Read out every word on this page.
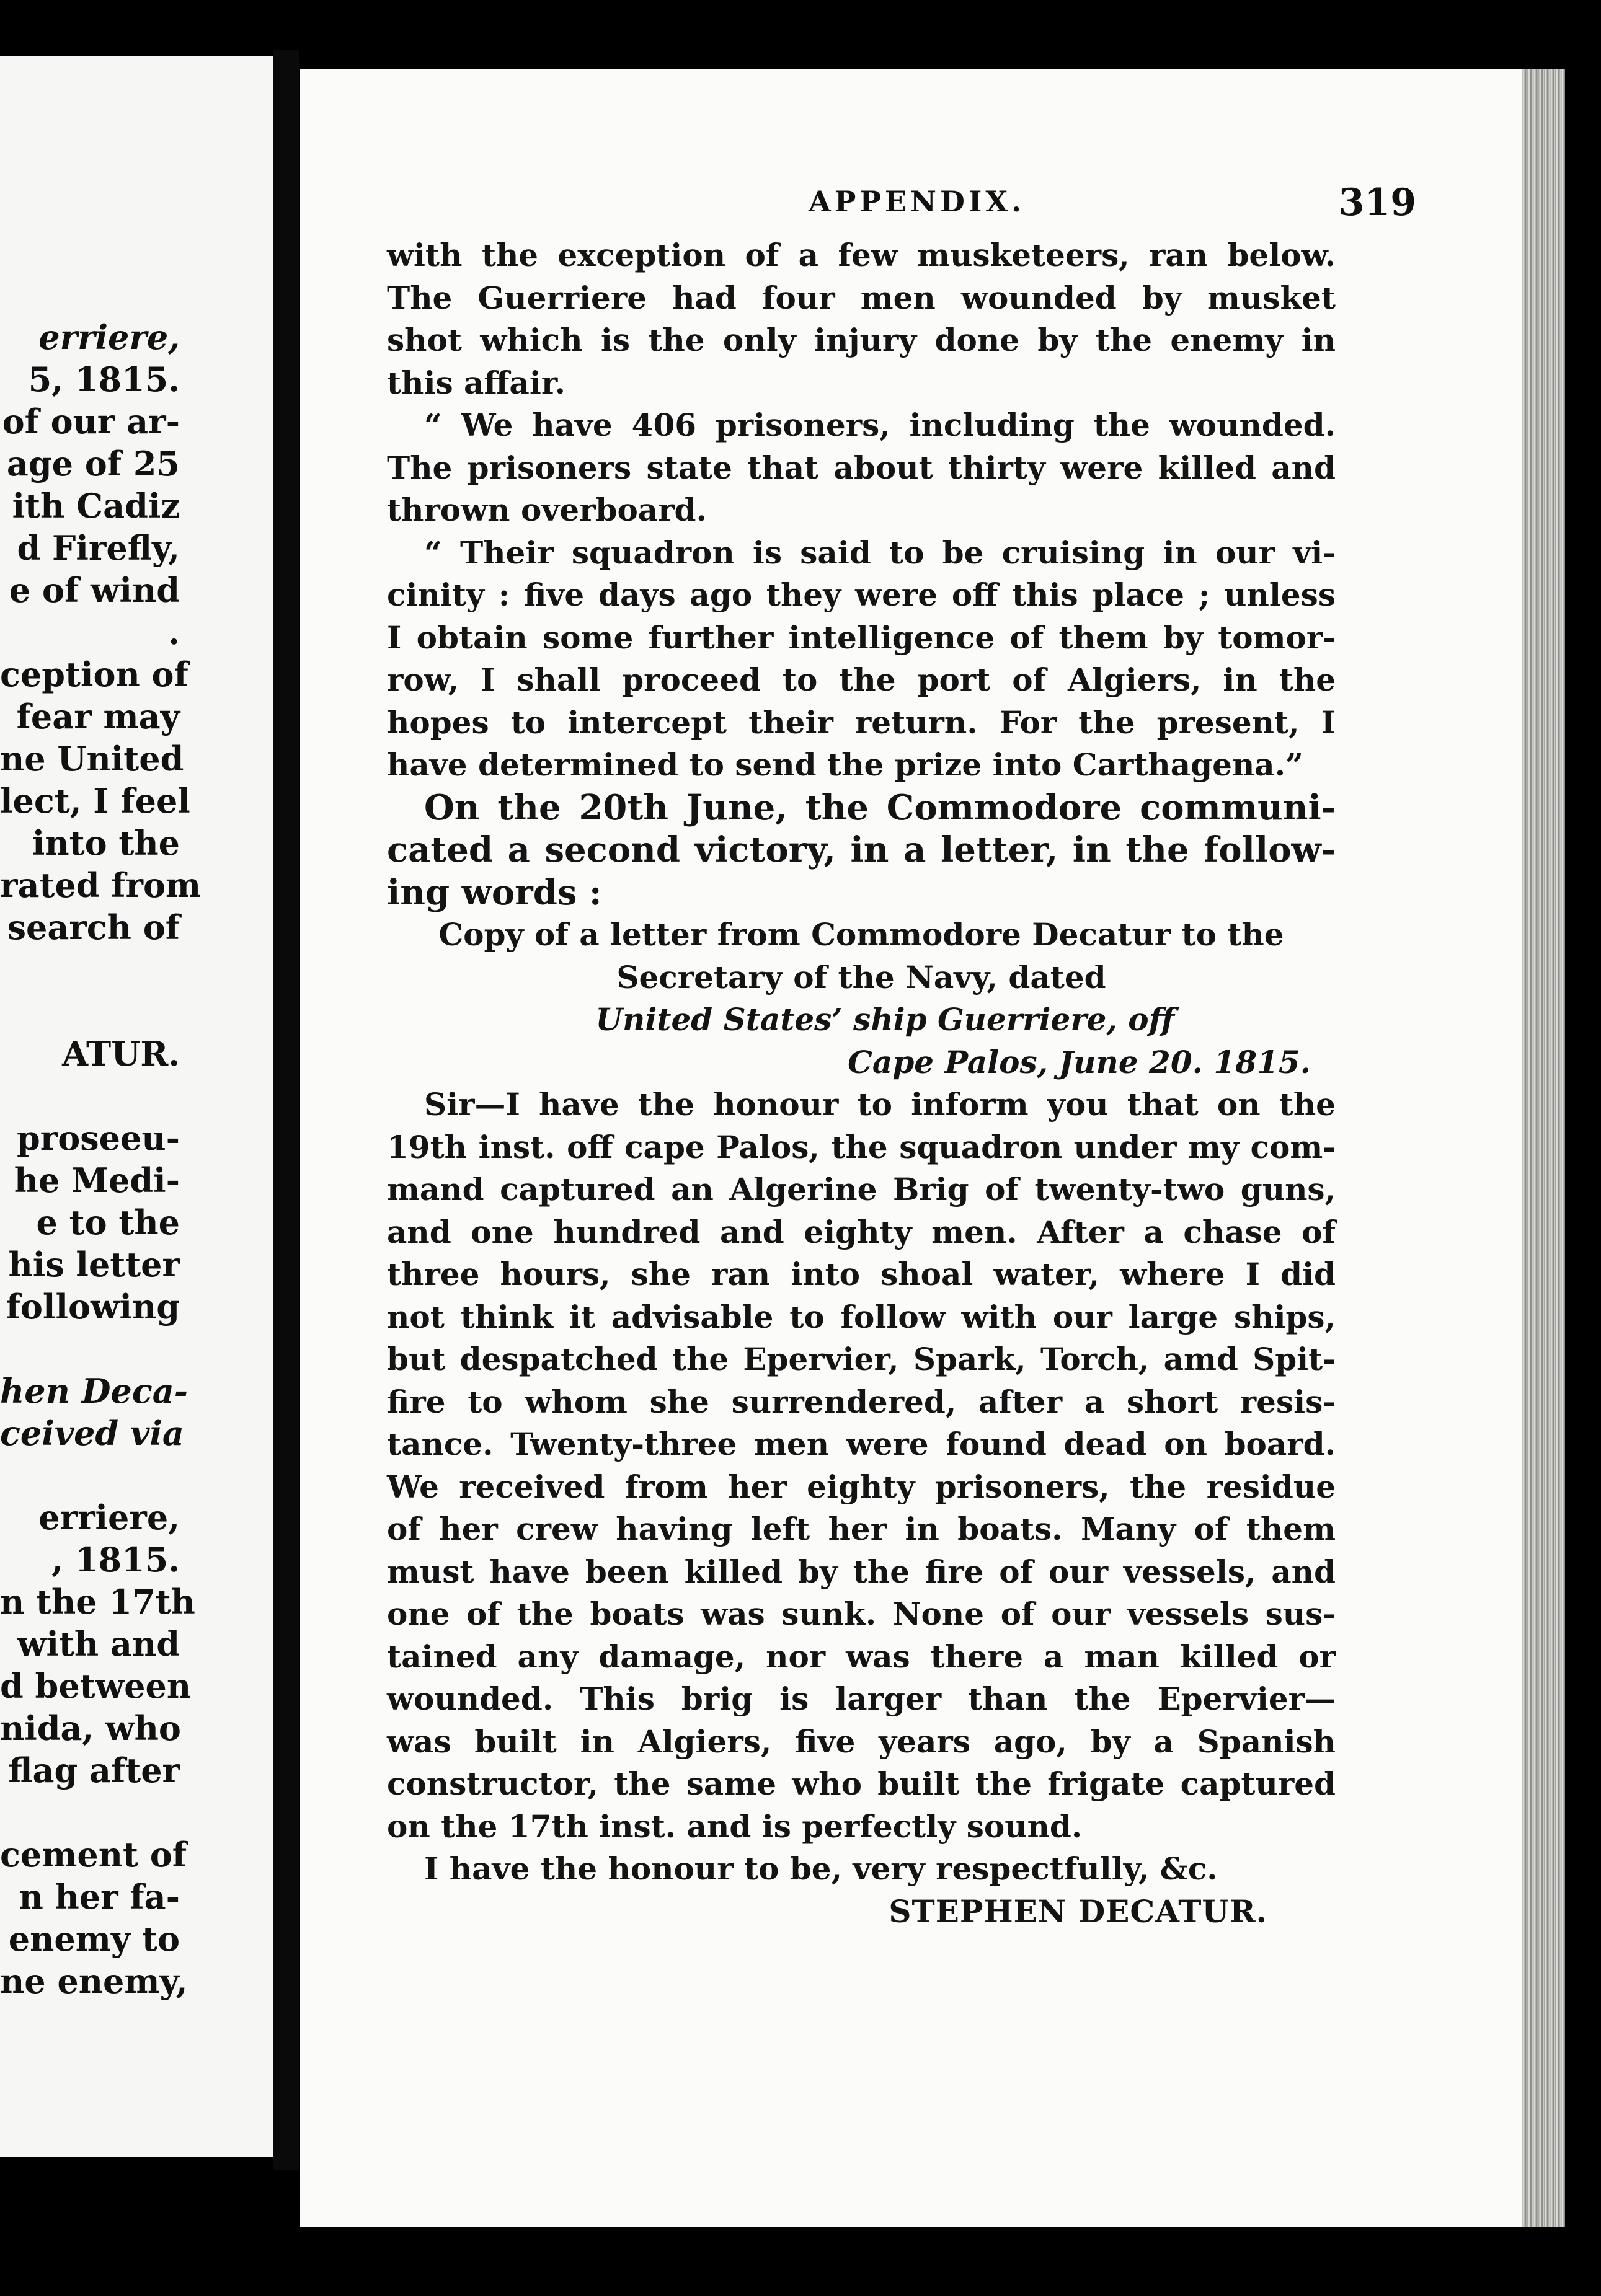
erriere,
5, 1815.
of our ar-
age of 25
ith Cadiz
d Firefly,
e of wind
.
ception of
fear may
ne United
lect, I feel
into the
rated from
search of
ATUR.
proseeu-
he Medi-
e to the
his letter
following
hen Deca-
ceived via
erriere,
, 1815.
n the 17th
with and
d between
nida, who
flag after
cement of
n her fa-
enemy to
ne enemy,
APPENDIX.	319
with the exception of a few musketeers, ran below.
The Guerriere had four men wounded by musket
shot which is the only injury done by the enemy in
this affair.
“ We have 406 prisoners, including the wounded.
The prisoners state that about thirty were killed and
thrown overboard.
“ Their squadron is said to be cruising in our vi-
cinity : five days ago they were off this place ; unless
I obtain some further intelligence of them by tomor-
row, I shall proceed to the port of Algiers, in the
hopes to intercept their return. For the present, I
have determined to send the prize into Carthagena.”
On the 20th June, the Commodore communi-
cated a second victory, in a letter, in the follow-
ing words :
Copy of a letter from Commodore Decatur to the
Secretary of the Navy, dated
United States’ ship Guerriere, off
Cape Palos, June 20. 1815.
Sir—I have the honour to inform you that on the
19th inst. off cape Palos, the squadron under my com-
mand captured an Algerine Brig of twenty-two guns,
and one hundred and eighty men. After a chase of
three hours, she ran into shoal water, where I did
not think it advisable to follow with our large ships,
but despatched the Epervier, Spark, Torch, amd Spit-
fire to whom she surrendered, after a short resis-
tance. Twenty-three men were found dead on board.
We received from her eighty prisoners, the residue
of her crew having left her in boats. Many of them
must have been killed by the fire of our vessels, and
one of the boats was sunk. None of our vessels sus-
tained any damage, nor was there a man killed or
wounded. This brig is larger than the Epervier—
was built in Algiers, five years ago, by a Spanish
constructor, the same who built the frigate captured
on the 17th inst. and is perfectly sound.
I have the honour to be, very respectfully, &c.
STEPHEN DECATUR.
